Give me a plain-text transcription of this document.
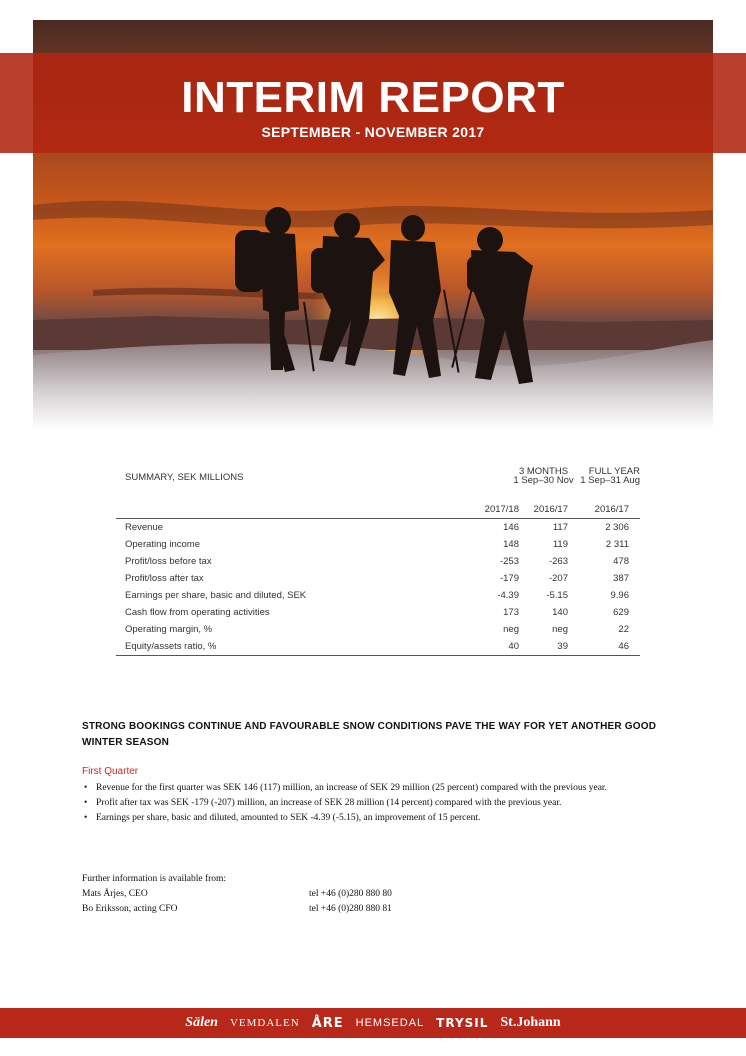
INTERIM REPORT
SEPTEMBER - NOVEMBER 2017
SUMMARY, SEK MILLIONS
3 MONTHS
1 Sep–30 Nov
FULL YEAR
1 Sep–31 Aug
2017/18 2016/17	2016/17
Revenue	146	117	2 306
Operating income	148	119	2 311
Profit/loss before tax	-253	-263	478
Profit/loss after tax	-179	-207	387
Earnings per share, basic and diluted, SEK	-4.39	-5.15	9.96
Cash flow from operating activities	173	140	629
Operating margin, %	neg	neg	22
Equity/assets ratio, %	40	39	46
STRONG BOOKINGS CONTINUE AND FAVOURABLE SNOW CONDITIONS PAVE THE WAY FOR YET ANOTHER GOOD WINTER SEASON
First Quarter
• Revenue for the first quarter was SEK 146 (117) million, an increase of SEK 29 million (25 percent) compared with the previous year.
• Profit after tax was SEK -179 (-207) million, an increase of SEK 28 million (14 percent) compared with the previous year.
• Earnings per share, basic and diluted, amounted to SEK -4.39 (-5.15), an improvement of 15 percent.
Further information is available from:
Mats Årjes, CEO	tel +46 (0)280 880 80
Bo Eriksson, acting CFO	tel +46 (0)280 880 81
Sälen VEMDALEN ÅRE HEMSEDAL TRYSIL St.Johann
